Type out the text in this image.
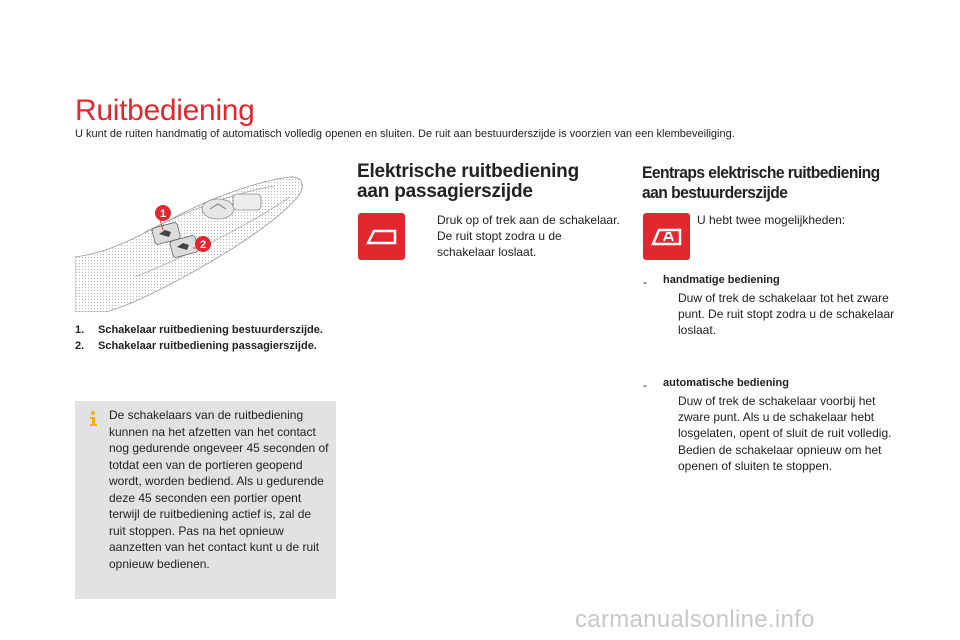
Ruitbediening
U kunt de ruiten handmatig of automatisch volledig openen en sluiten. De ruit aan bestuurderszijde is voorzien van een klembeveiliging.
1
2
1. Schakelaar ruitbediening bestuurderszijde.
2. Schakelaar ruitbediening passagierszijde.
De schakelaars van de ruitbediening kunnen na het afzetten van het contact nog gedurende ongeveer 45 seconden of totdat een van de portieren geopend wordt, worden bediend. Als u gedurende deze 45 seconden een portier opent terwijl de ruitbediening actief is, zal de ruit stoppen. Pas na het opnieuw aanzetten van het contact kunt u de ruit opnieuw bedienen.
Elektrische ruitbediening
aan passagierszijde
Druk op of trek aan de schakelaar. De ruit stopt zodra u de schakelaar loslaat.
Eentraps elektrische ruitbediening
aan bestuurderszijde
U hebt twee mogelijkheden:
- handmatige bediening
Duw of trek de schakelaar tot het zware punt. De ruit stopt zodra u de schakelaar loslaat.
- automatische bediening
Duw of trek de schakelaar voorbij het zware punt. Als u de schakelaar hebt losgelaten, opent of sluit de ruit volledig.
Bedien de schakelaar opnieuw om het openen of sluiten te stoppen.
carmanualsonline.info
